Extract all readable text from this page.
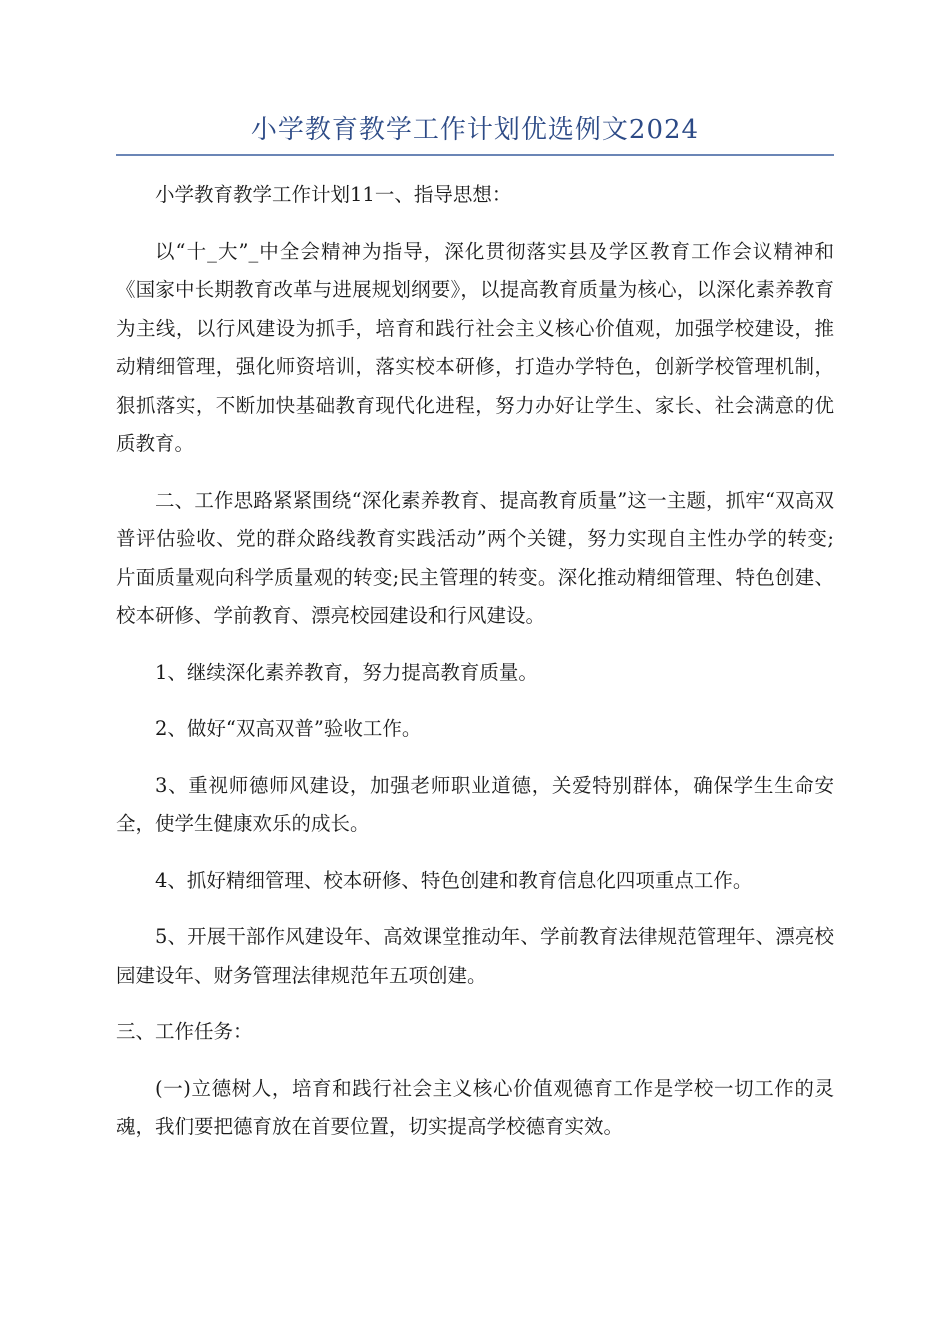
小学教育教学工作计划优选例文2024

小学教育教学工作计划11一、指导思想：

以“十_大”_中全会精神为指导，深化贯彻落实县及学区教育工作会议精神和《国家中长期教育改革与进展规划纲要》，以提高教育质量为核心，以深化素养教育为主线，以行风建设为抓手，培育和践行社会主义核心价值观，加强学校建设，推动精细管理，强化师资培训，落实校本研修，打造办学特色，创新学校管理机制，狠抓落实，不断加快基础教育现代化进程，努力办好让学生、家长、社会满意的优质教育。

二、工作思路紧紧围绕“深化素养教育、提高教育质量”这一主题，抓牢“双高双普评估验收、党的群众路线教育实践活动”两个关键，努力实现自主性办学的转变;片面质量观向科学质量观的转变;民主管理的转变。深化推动精细管理、特色创建、校本研修、学前教育、漂亮校园建设和行风建设。

1、继续深化素养教育，努力提高教育质量。

2、做好“双高双普”验收工作。

3、重视师德师风建设，加强老师职业道德，关爱特别群体，确保学生生命安全，使学生健康欢乐的成长。

4、抓好精细管理、校本研修、特色创建和教育信息化四项重点工作。

5、开展干部作风建设年、高效课堂推动年、学前教育法律规范管理年、漂亮校园建设年、财务管理法律规范年五项创建。

三、工作任务：

(一)立德树人，培育和践行社会主义核心价值观德育工作是学校一切工作的灵魂，我们要把德育放在首要位置，切实提高学校德育实效。
